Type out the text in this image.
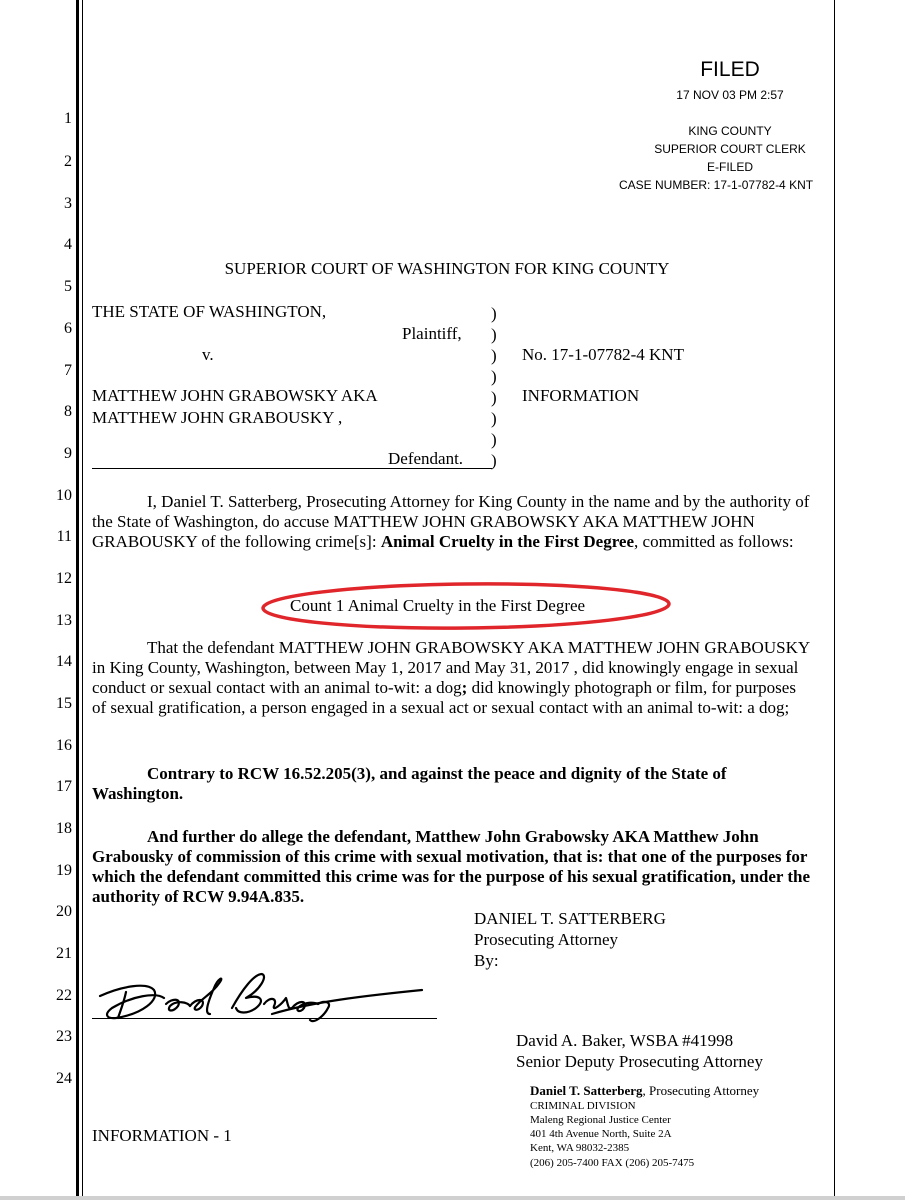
FILED
17 NOV 03 PM 2:57
KING COUNTY
SUPERIOR COURT CLERK
E-FILED
CASE NUMBER: 17-1-07782-4 KNT
1
2
3
4
5
6
7
8
9
10
11
12
13
14
15
16
17
18
19
20
21
22
23
24
SUPERIOR COURT OF WASHINGTON FOR KING COUNTY
THE STATE OF WASHINGTON,
Plaintiff,
v.
MATTHEW JOHN GRABOWSKY AKA
MATTHEW JOHN GRABOUSKY ,
Defendant.
)
)
)
)
)
)
)
)
No. 17-1-07782-4 KNT
INFORMATION
I, Daniel T. Satterberg, Prosecuting Attorney for King County in the name and by the authority of the State of Washington, do accuse MATTHEW JOHN GRABOWSKY AKA MATTHEW JOHN GRABOUSKY of the following crime[s]: Animal Cruelty in the First Degree, committed as follows:
Count 1 Animal Cruelty in the First Degree
That the defendant MATTHEW JOHN GRABOWSKY AKA MATTHEW JOHN GRABOUSKY in King County, Washington, between May 1, 2017 and May 31, 2017 , did knowingly engage in sexual conduct or sexual contact with an animal to-wit: a dog; did knowingly photograph or film, for purposes of sexual gratification, a person engaged in a sexual act or sexual contact with an animal to-wit: a dog;
Contrary to RCW 16.52.205(3), and against the peace and dignity of the State of Washington.
And further do allege the defendant, Matthew John Grabowsky AKA Matthew John Grabousky of commission of this crime with sexual motivation, that is: that one of the purposes for which the defendant committed this crime was for the purpose of his sexual gratification, under the authority of RCW 9.94A.835.
DANIEL T. SATTERBERG
Prosecuting Attorney
By:
David A. Baker, WSBA #41998
Senior Deputy Prosecuting Attorney
INFORMATION - 1
Daniel T. Satterberg, Prosecuting Attorney
CRIMINAL DIVISION
Maleng Regional Justice Center
401 4th Avenue North, Suite 2A
Kent, WA 98032-2385
(206) 205-7400 FAX (206) 205-7475
